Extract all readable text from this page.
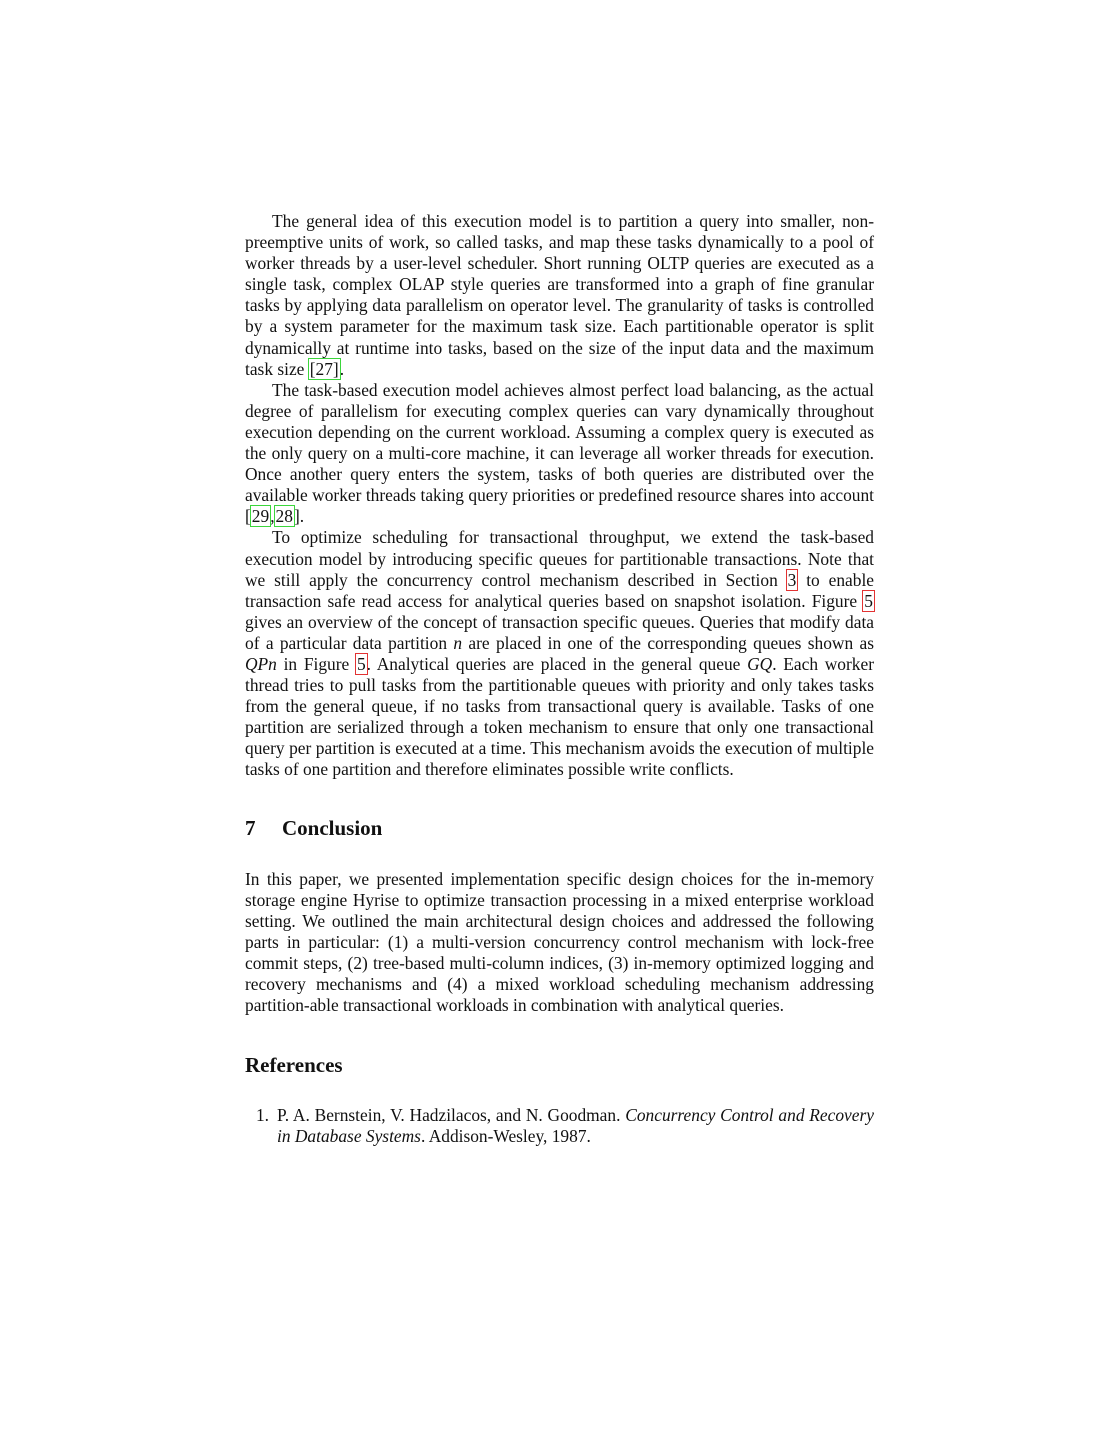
The general idea of this execution model is to partition a query into smaller, non-preemptive units of work, so called tasks, and map these tasks dynamically to a pool of worker threads by a user-level scheduler. Short running OLTP queries are executed as a single task, complex OLAP style queries are transformed into a graph of fine granular tasks by applying data parallelism on operator level. The granularity of tasks is controlled by a system parameter for the maximum task size. Each partitionable operator is split dynamically at runtime into tasks, based on the size of the input data and the maximum task size [27].

The task-based execution model achieves almost perfect load balancing, as the actual degree of parallelism for executing complex queries can vary dynamically throughout execution depending on the current workload. Assuming a complex query is executed as the only query on a multi-core machine, it can leverage all worker threads for execution. Once another query enters the system, tasks of both queries are distributed over the available worker threads taking query priorities or predefined resource shares into account [29,28].

To optimize scheduling for transactional throughput, we extend the task-based execution model by introducing specific queues for partitionable transactions. Note that we still apply the concurrency control mechanism described in Section 3 to enable transaction safe read access for analytical queries based on snapshot isolation. Figure 5 gives an overview of the concept of transaction specific queues. Queries that modify data of a particular data partition n are placed in one of the corresponding queues shown as QPn in Figure 5. Analytical queries are placed in the general queue GQ. Each worker thread tries to pull tasks from the partitionable queues with priority and only takes tasks from the general queue, if no tasks from transactional query is available. Tasks of one partition are serialized through a token mechanism to ensure that only one transactional query per partition is executed at a time. This mechanism avoids the execution of multiple tasks of one partition and therefore eliminates possible write conflicts.

7	Conclusion

In this paper, we presented implementation specific design choices for the in-memory storage engine Hyrise to optimize transaction processing in a mixed enterprise workload setting. We outlined the main architectural design choices and addressed the following parts in particular: (1) a multi-version concurrency control mechanism with lock-free commit steps, (2) tree-based multi-column indices, (3) in-memory optimized logging and recovery mechanisms and (4) a mixed workload scheduling mechanism addressing partition-able transactional workloads in combination with analytical queries.

References
1. P. A. Bernstein, V. Hadzilacos, and N. Goodman. Concurrency Control and Recovery in Database Systems. Addison-Wesley, 1987.
